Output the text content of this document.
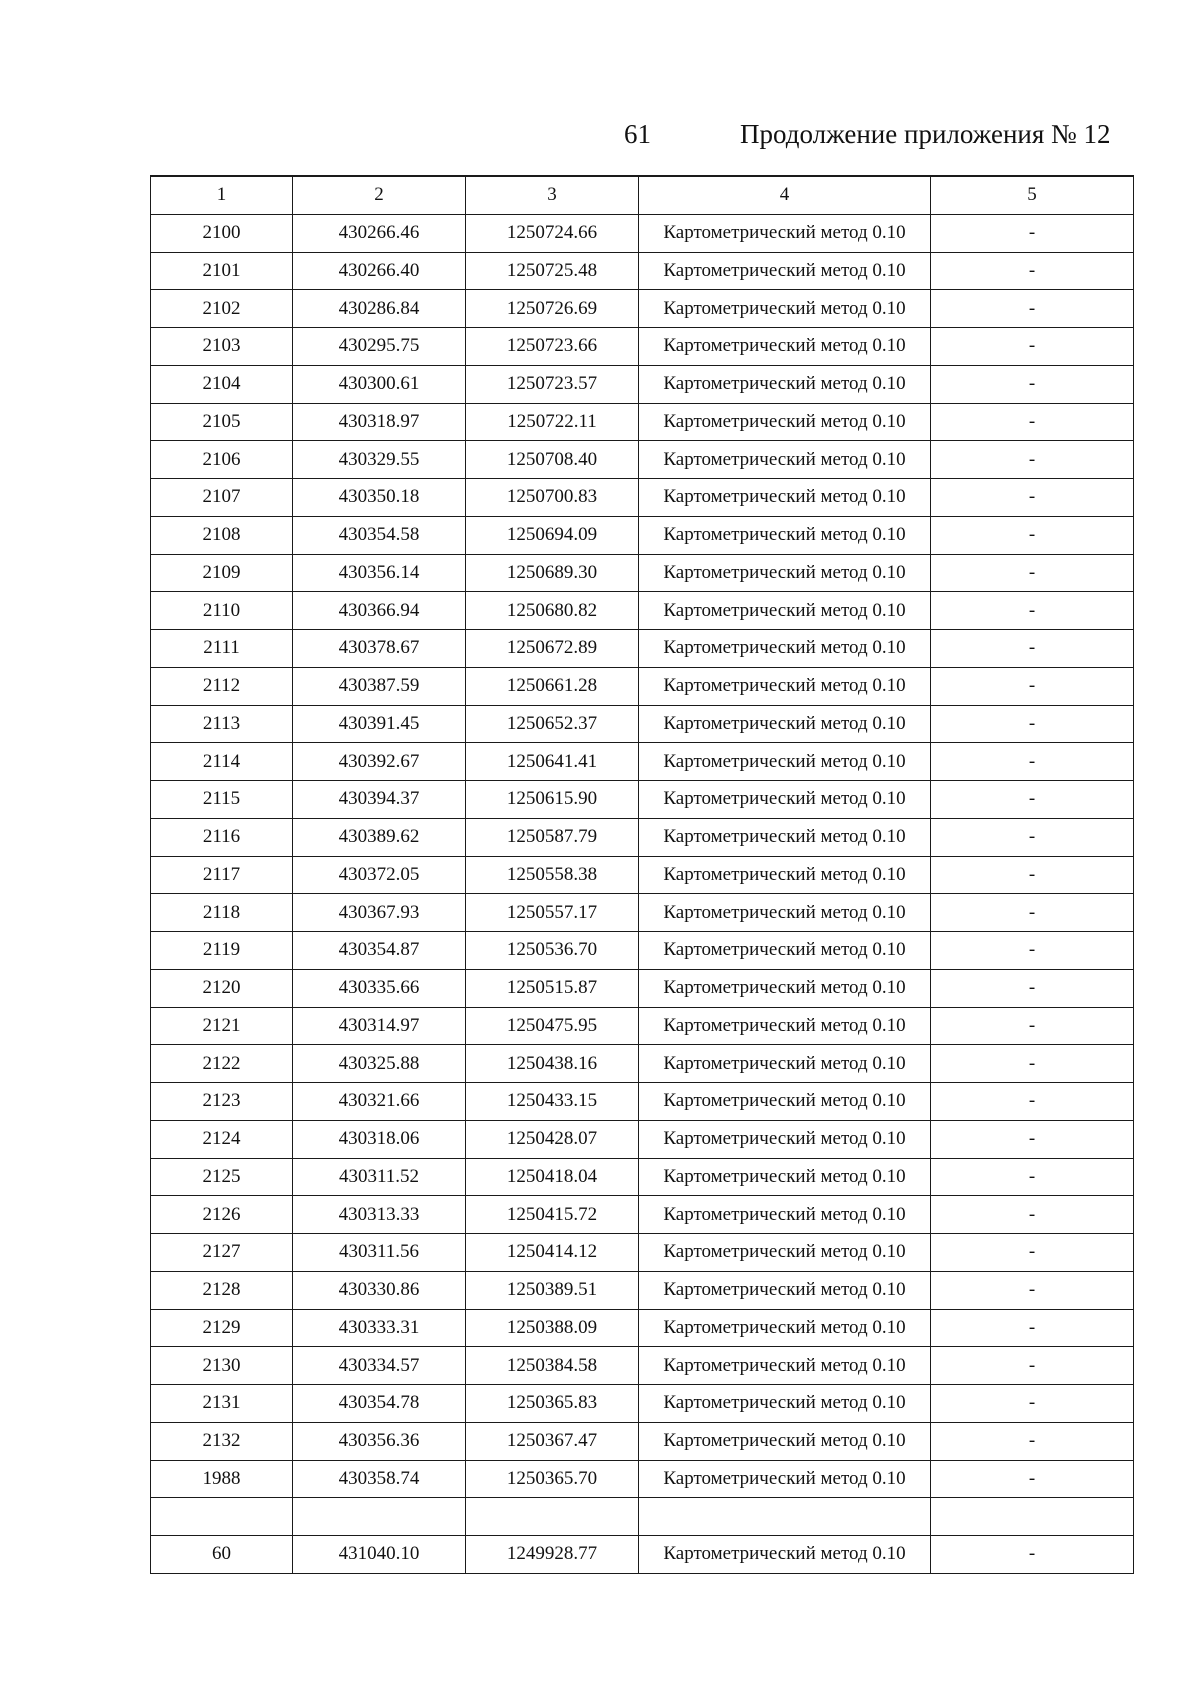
61	Продолжение приложения № 12
1	2	3	4	5
2100	430266.46	1250724.66	Картометрический метод 0.10	-
2101	430266.40	1250725.48	Картометрический метод 0.10	-
2102	430286.84	1250726.69	Картометрический метод 0.10	-
2103	430295.75	1250723.66	Картометрический метод 0.10	-
2104	430300.61	1250723.57	Картометрический метод 0.10	-
2105	430318.97	1250722.11	Картометрический метод 0.10	-
2106	430329.55	1250708.40	Картометрический метод 0.10	-
2107	430350.18	1250700.83	Картометрический метод 0.10	-
2108	430354.58	1250694.09	Картометрический метод 0.10	-
2109	430356.14	1250689.30	Картометрический метод 0.10	-
2110	430366.94	1250680.82	Картометрический метод 0.10	-
2111	430378.67	1250672.89	Картометрический метод 0.10	-
2112	430387.59	1250661.28	Картометрический метод 0.10	-
2113	430391.45	1250652.37	Картометрический метод 0.10	-
2114	430392.67	1250641.41	Картометрический метод 0.10	-
2115	430394.37	1250615.90	Картометрический метод 0.10	-
2116	430389.62	1250587.79	Картометрический метод 0.10	-
2117	430372.05	1250558.38	Картометрический метод 0.10	-
2118	430367.93	1250557.17	Картометрический метод 0.10	-
2119	430354.87	1250536.70	Картометрический метод 0.10	-
2120	430335.66	1250515.87	Картометрический метод 0.10	-
2121	430314.97	1250475.95	Картометрический метод 0.10	-
2122	430325.88	1250438.16	Картометрический метод 0.10	-
2123	430321.66	1250433.15	Картометрический метод 0.10	-
2124	430318.06	1250428.07	Картометрический метод 0.10	-
2125	430311.52	1250418.04	Картометрический метод 0.10	-
2126	430313.33	1250415.72	Картометрический метод 0.10	-
2127	430311.56	1250414.12	Картометрический метод 0.10	-
2128	430330.86	1250389.51	Картометрический метод 0.10	-
2129	430333.31	1250388.09	Картометрический метод 0.10	-
2130	430334.57	1250384.58	Картометрический метод 0.10	-
2131	430354.78	1250365.83	Картометрический метод 0.10	-
2132	430356.36	1250367.47	Картометрический метод 0.10	-
1988	430358.74	1250365.70	Картометрический метод 0.10	-

60	431040.10	1249928.77	Картометрический метод 0.10	-
